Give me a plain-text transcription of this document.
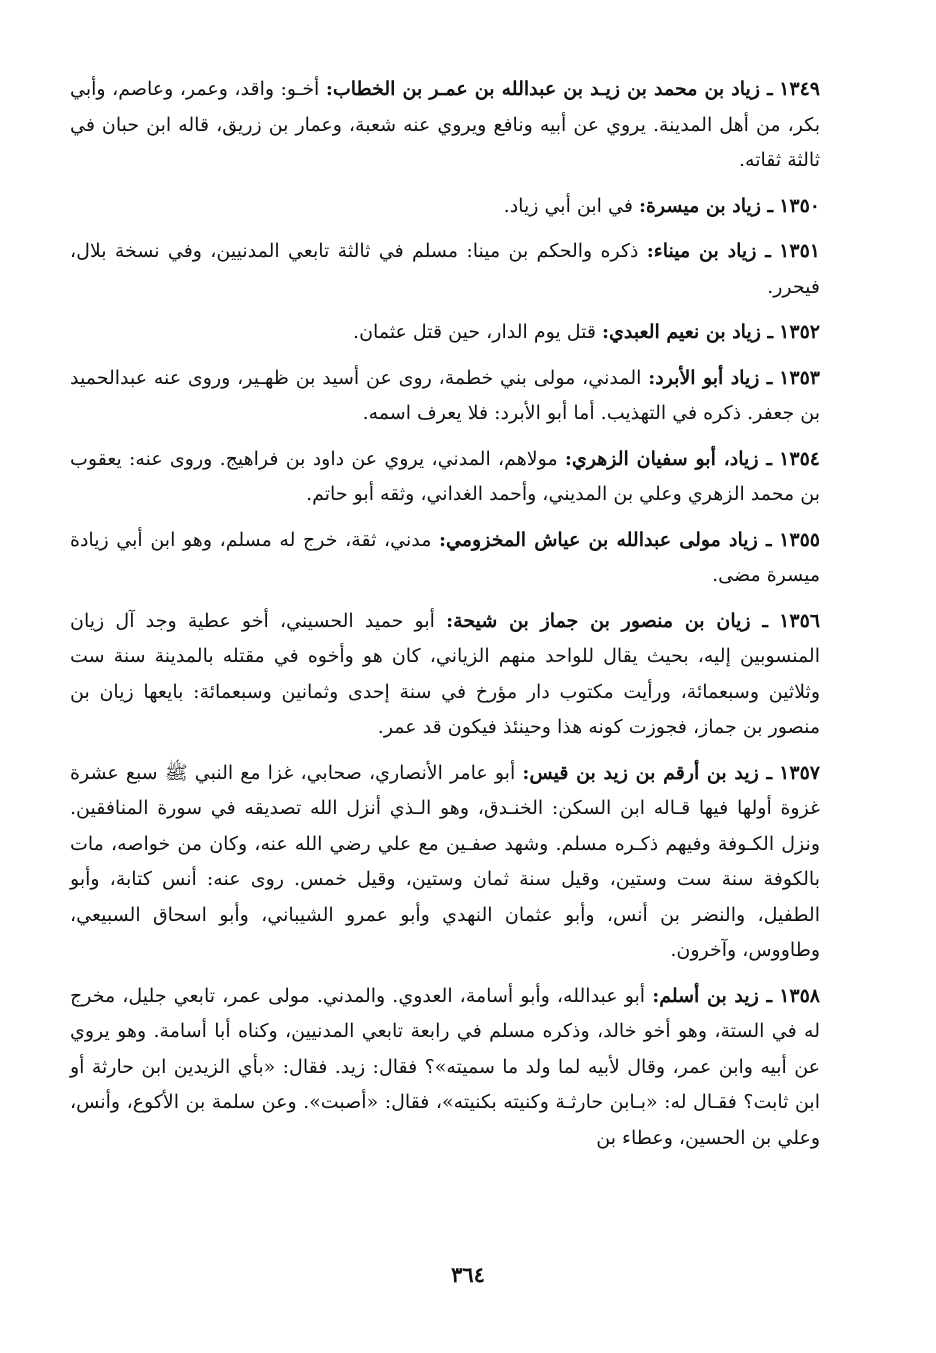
١٣٤٩ ـ زياد بن محمد بن زيـد بن عبدالله بن عمـر بن الخطاب: أخـو: واقد، وعمر، وعاصم، وأبي بكر، من أهل المدينة. يروي عن أبيه ونافع ويروي عنه شعبة، وعمار بن زريق، قاله ابن حبان في ثالثة ثقاته.

١٣٥٠ ـ زياد بن ميسرة: في ابن أبي زياد.

١٣٥١ ـ زياد بن ميناء: ذكره والحكم بن مينا: مسلم في ثالثة تابعي المدنيين، وفي نسخة بلال، فيحرر.

١٣٥٢ ـ زياد بن نعيم العبدي: قتل يوم الدار، حين قتل عثمان.

١٣٥٣ ـ زياد أبو الأبرد: المدني، مولى بني خطمة، روى عن أسيد بن ظهـير، وروى عنه عبدالحميد بن جعفر. ذكره في التهذيب. أما أبو الأبرد: فلا يعرف اسمه.

١٣٥٤ ـ زياد، أبو سفيان الزهري: مولاهم، المدني، يروي عن داود بن فراهيج. وروى عنه: يعقوب بن محمد الزهري وعلي بن المديني، وأحمد الغداني، وثقه أبو حاتم.

١٣٥٥ ـ زياد مولى عبدالله بن عياش المخزومي: مدني، ثقة، خرج له مسلم، وهو ابن أبي زيادة ميسرة مضى.

١٣٥٦ ـ زيان بن منصور بن جماز بن شيحة: أبو حميد الحسيني، أخو عطية وجد آل زيان المنسوبين إليه، بحيث يقال للواحد منهم الزياني، كان هو وأخوه في مقتله بالمدينة سنة ست وثلاثين وسبعمائة، ورأيت مكتوب دار مؤرخ في سنة إحدى وثمانين وسبعمائة: بايعها زيان بن منصور بن جماز، فجوزت كونه هذا وحينئذ فيكون قد عمر.

١٣٥٧ ـ زيد بن أرقم بن زيد بن قيس: أبو عامر الأنصاري، صحابي، غزا مع النبي ﷺ سبع عشرة غزوة أولها فيها قـاله ابن السكن: الخنـدق، وهو الـذي أنزل الله تصديقه في سورة المنافقين. ونزل الكـوفة وفيهم ذكـره مسلم. وشهد صفـين مع علي رضي الله عنه، وكان من خواصه، مات بالكوفة سنة ست وستين، وقيل سنة ثمان وستين، وقيل خمس. روى عنه: أنس كتابة، وأبو الطفيل، والنضر بن أنس، وأبو عثمان النهدي وأبو عمرو الشيباني، وأبو اسحاق السبيعي، وطاووس، وآخرون.

١٣٥٨ ـ زيد بن أسلم: أبو عبدالله، وأبو أسامة، العدوي. والمدني. مولى عمر، تابعي جليل، مخرج له في الستة، وهو أخو خالد، وذكره مسلم في رابعة تابعي المدنيين، وكناه أبا أسامة. وهو يروي عن أبيه وابن عمر، وقال لأبيه لما ولد ما سميته»؟ فقال: زيد. فقال: «بأي الزيدين ابن حارثة أو ابن ثابت؟ فقـال له: «بـابن حارثـة وكنيته بكنيته»، فقال: «أصبت». وعن سلمة بن الأكوع، وأنس، وعلي بن الحسين، وعطاء بن

٣٦٤
